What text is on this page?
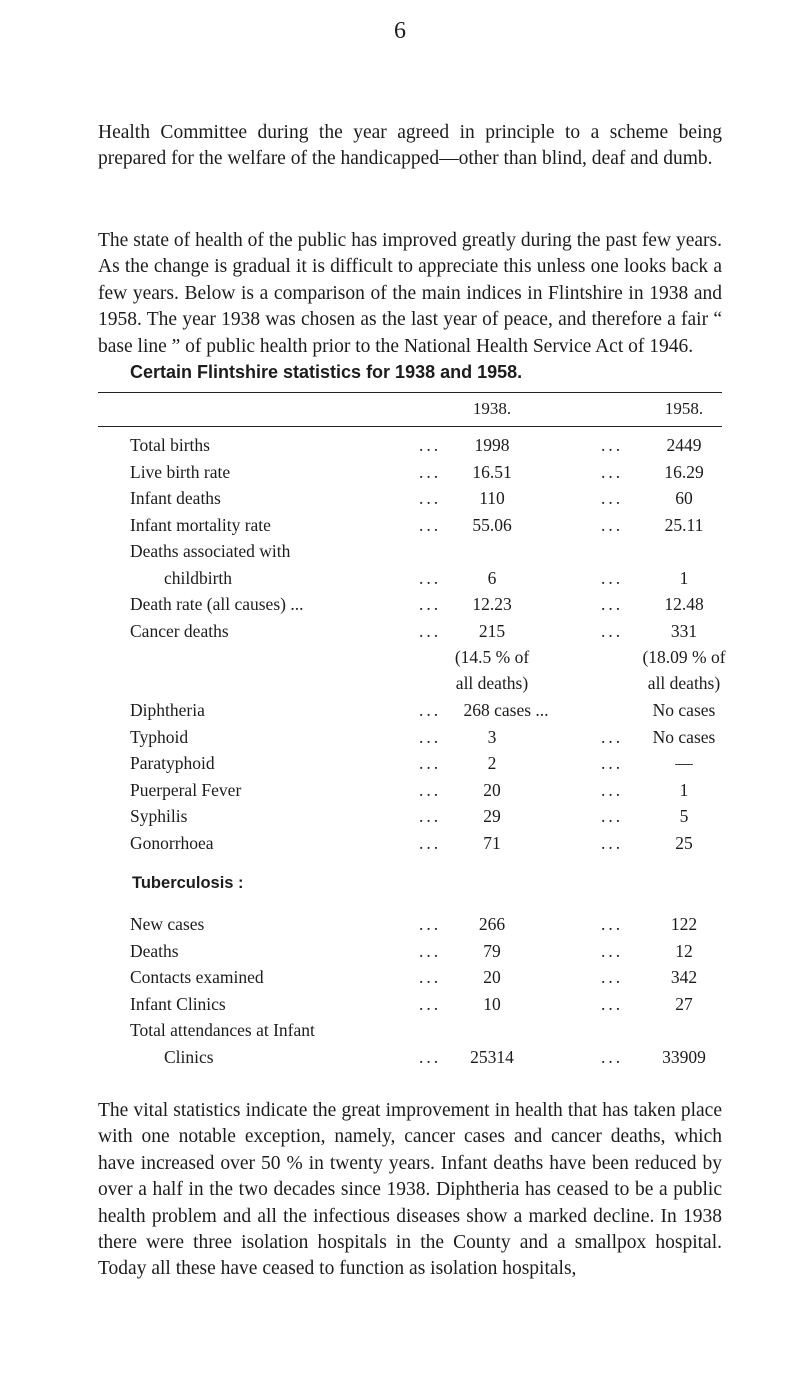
6

Health Committee during the year agreed in principle to a scheme being prepared for the welfare of the handicapped—other than blind, deaf and dumb.

The state of health of the public has improved greatly during the past few years. As the change is gradual it is difficult to appreciate this unless one looks back a few years. Below is a comparison of the main indices in Flintshire in 1938 and 1958. The year 1938 was chosen as the last year of peace, and therefore a fair “ base line ” of public health prior to the National Health Service Act of 1946.

Certain Flintshire statistics for 1938 and 1958.
1938.	1958.
Total births	...	1998	...	2449
Live birth rate	...	16.51	...	16.29
Infant deaths	...	110	...	60
Infant mortality rate	...	55.06	...	25.11
Deaths associated with
childbirth	...	6	...	1
Death rate (all causes) ...	...	12.23	...	12.48
Cancer deaths	...	215	...	331
(14.5 % of	(18.09 % of
all deaths)	all deaths)
Diphtheria	...	268 cases ...	No cases
Typhoid	...	3	...	No cases
Paratyphoid	...	2	...	—
Puerperal Fever	...	20	...	1
Syphilis	...	29	...	5
Gonorrhoea	...	71	...	25
Tuberculosis :
New cases	...	266	...	122
Deaths	...	79	...	12
Contacts examined	...	20	...	342
Infant Clinics	...	10	...	27
Total attendances at Infant
Clinics	...	25314	...	33909

The vital statistics indicate the great improvement in health that has taken place with one notable exception, namely, cancer cases and cancer deaths, which have increased over 50 % in twenty years. Infant deaths have been reduced by over a half in the two decades since 1938. Diphtheria has ceased to be a public health problem and all the infectious diseases show a marked decline. In 1938 there were three isolation hospitals in the County and a smallpox hospital. Today all these have ceased to function as isolation hospitals,
